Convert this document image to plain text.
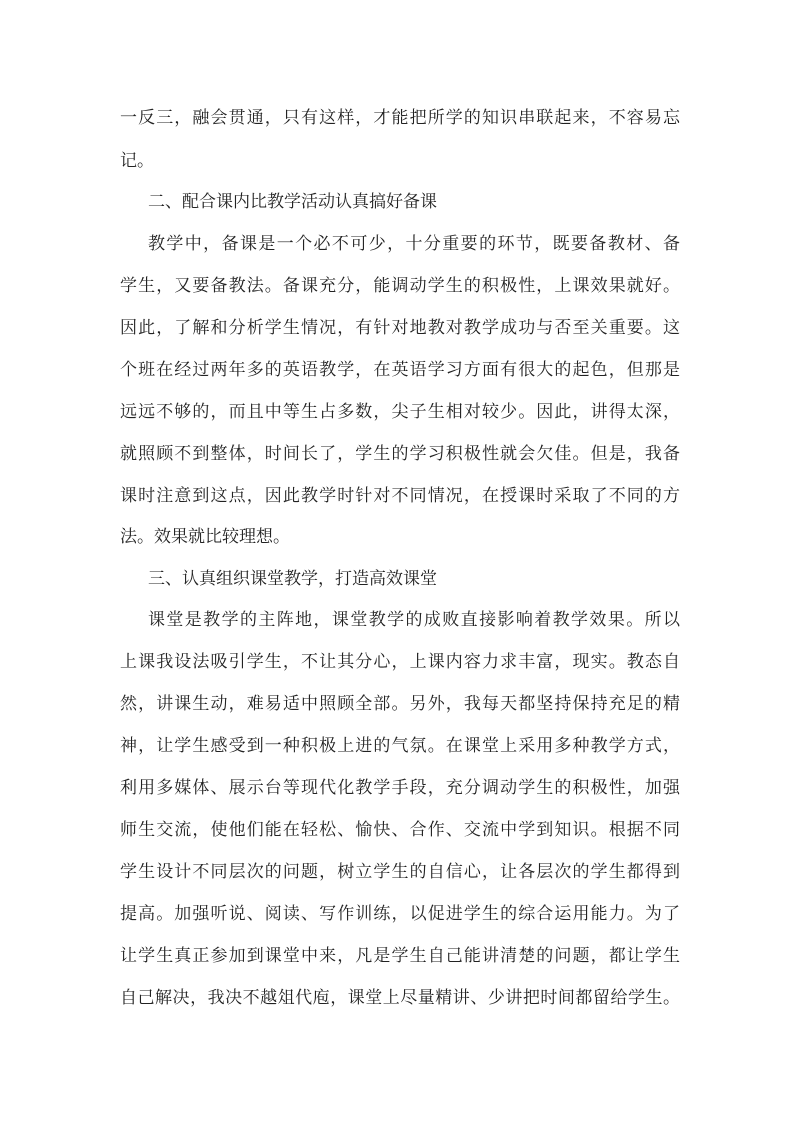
一反三，融会贯通，只有这样，才能把所学的知识串联起来，不容易忘
记。
二、配合课内比教学活动认真搞好备课
教学中，备课是一个必不可少，十分重要的环节，既要备教材、备
学生，又要备教法。备课充分，能调动学生的积极性，上课效果就好。
因此，了解和分析学生情况，有针对地教对教学成功与否至关重要。这
个班在经过两年多的英语教学，在英语学习方面有很大的起色，但那是
远远不够的，而且中等生占多数，尖子生相对较少。因此，讲得太深，
就照顾不到整体，时间长了，学生的学习积极性就会欠佳。但是，我备
课时注意到这点，因此教学时针对不同情况，在授课时采取了不同的方
法。效果就比较理想。
三、认真组织课堂教学，打造高效课堂
课堂是教学的主阵地，课堂教学的成败直接影响着教学效果。所以
上课我设法吸引学生，不让其分心，上课内容力求丰富，现实。教态自
然，讲课生动，难易适中照顾全部。另外，我每天都坚持保持充足的精
神，让学生感受到一种积极上进的气氛。在课堂上采用多种教学方式，
利用多媒体、展示台等现代化教学手段，充分调动学生的积极性，加强
师生交流，使他们能在轻松、愉快、合作、交流中学到知识。根据不同
学生设计不同层次的问题，树立学生的自信心，让各层次的学生都得到
提高。加强听说、阅读、写作训练，以促进学生的综合运用能力。为了
让学生真正参加到课堂中来，凡是学生自己能讲清楚的问题，都让学生
自己解决，我决不越俎代庖，课堂上尽量精讲、少讲把时间都留给学生。
